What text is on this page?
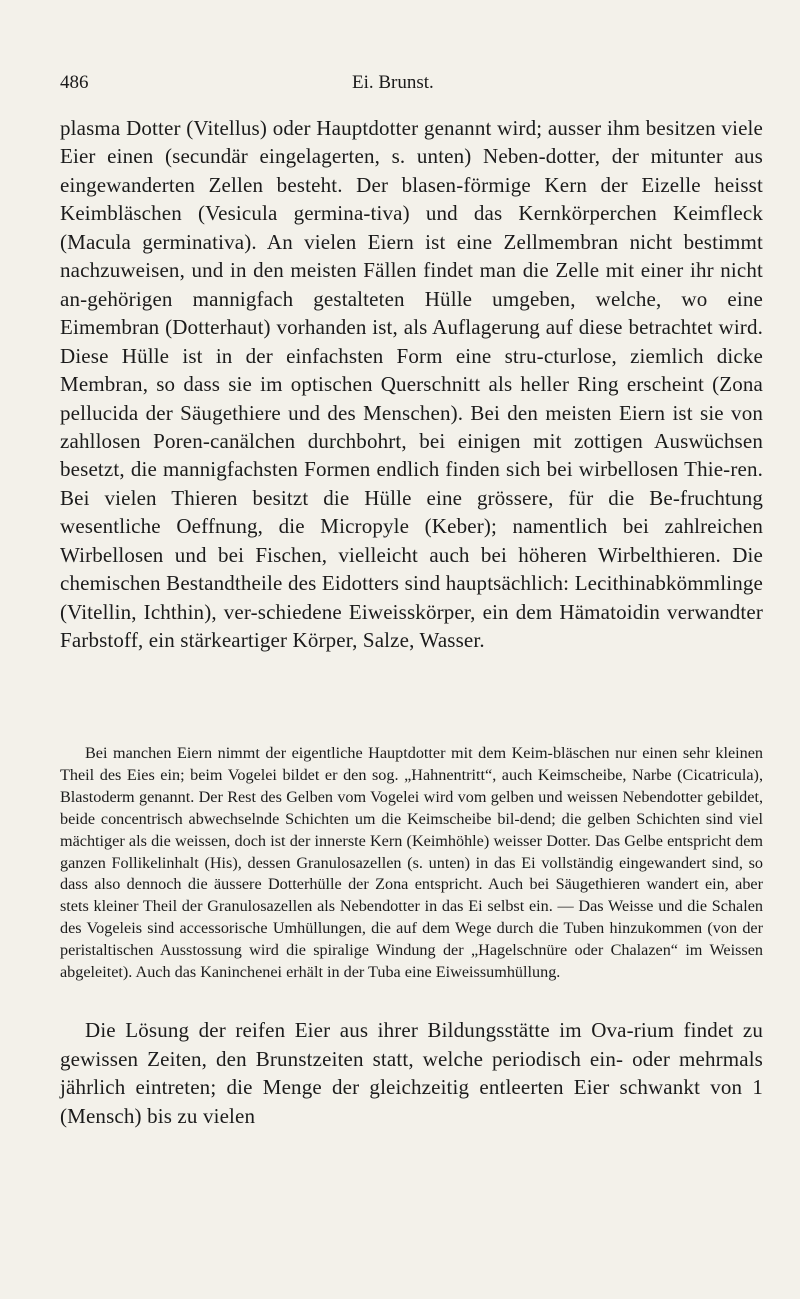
486	Ei. Brunst.

plasma Dotter (Vitellus) oder Hauptdotter genannt wird; ausser ihm besitzen viele Eier einen (secundär eingelagerten, s. unten) Neben-dotter, der mitunter aus eingewanderten Zellen besteht. Der blasen-förmige Kern der Eizelle heisst Keimbläschen (Vesicula germina-tiva) und das Kernkörperchen Keimfleck (Macula germinativa). An vielen Eiern ist eine Zellmembran nicht bestimmt nachzuweisen, und in den meisten Fällen findet man die Zelle mit einer ihr nicht an-gehörigen mannigfach gestalteten Hülle umgeben, welche, wo eine Eimembran (Dotterhaut) vorhanden ist, als Auflagerung auf diese betrachtet wird. Diese Hülle ist in der einfachsten Form eine stru-cturlose, ziemlich dicke Membran, so dass sie im optischen Querschnitt als heller Ring erscheint (Zona pellucida der Säugethiere und des Menschen). Bei den meisten Eiern ist sie von zahllosen Poren-canälchen durchbohrt, bei einigen mit zottigen Auswüchsen besetzt, die mannigfachsten Formen endlich finden sich bei wirbellosen Thie-ren. Bei vielen Thieren besitzt die Hülle eine grössere, für die Be-fruchtung wesentliche Oeffnung, die Micropyle (Keber); namentlich bei zahlreichen Wirbellosen und bei Fischen, vielleicht auch bei höheren Wirbelthieren. Die chemischen Bestandtheile des Eidotters sind hauptsächlich: Lecithinabkömmlinge (Vitellin, Ichthin), ver-schiedene Eiweisskörper, ein dem Hämatoidin verwandter Farbstoff, ein stärkeartiger Körper, Salze, Wasser.

Bei manchen Eiern nimmt der eigentliche Hauptdotter mit dem Keim-bläschen nur einen sehr kleinen Theil des Eies ein; beim Vogelei bildet er den sog. „Hahnentritt“, auch Keimscheibe, Narbe (Cicatricula), Blastoderm genannt. Der Rest des Gelben vom Vogelei wird vom gelben und weissen Nebendotter gebildet, beide concentrisch abwechselnde Schichten um die Keimscheibe bil-dend; die gelben Schichten sind viel mächtiger als die weissen, doch ist der innerste Kern (Keimhöhle) weisser Dotter. Das Gelbe entspricht dem ganzen Follikelinhalt (His), dessen Granulosazellen (s. unten) in das Ei vollständig eingewandert sind, so dass also dennoch die äussere Dotterhülle der Zona entspricht. Auch bei Säugethieren wandert ein, aber stets kleiner Theil der Granulosazellen als Nebendotter in das Ei selbst ein. — Das Weisse und die Schalen des Vogeleis sind accessorische Umhüllungen, die auf dem Wege durch die Tuben hinzukommen (von der peristaltischen Ausstossung wird die spiralige Windung der „Hagelschnüre oder Chalazen“ im Weissen abgeleitet). Auch das Kaninchenei erhält in der Tuba eine Eiweissumhüllung.

Die Lösung der reifen Eier aus ihrer Bildungsstätte im Ova-rium findet zu gewissen Zeiten, den Brunstzeiten statt, welche periodisch ein- oder mehrmals jährlich eintreten; die Menge der gleichzeitig entleerten Eier schwankt von 1 (Mensch) bis zu vielen
